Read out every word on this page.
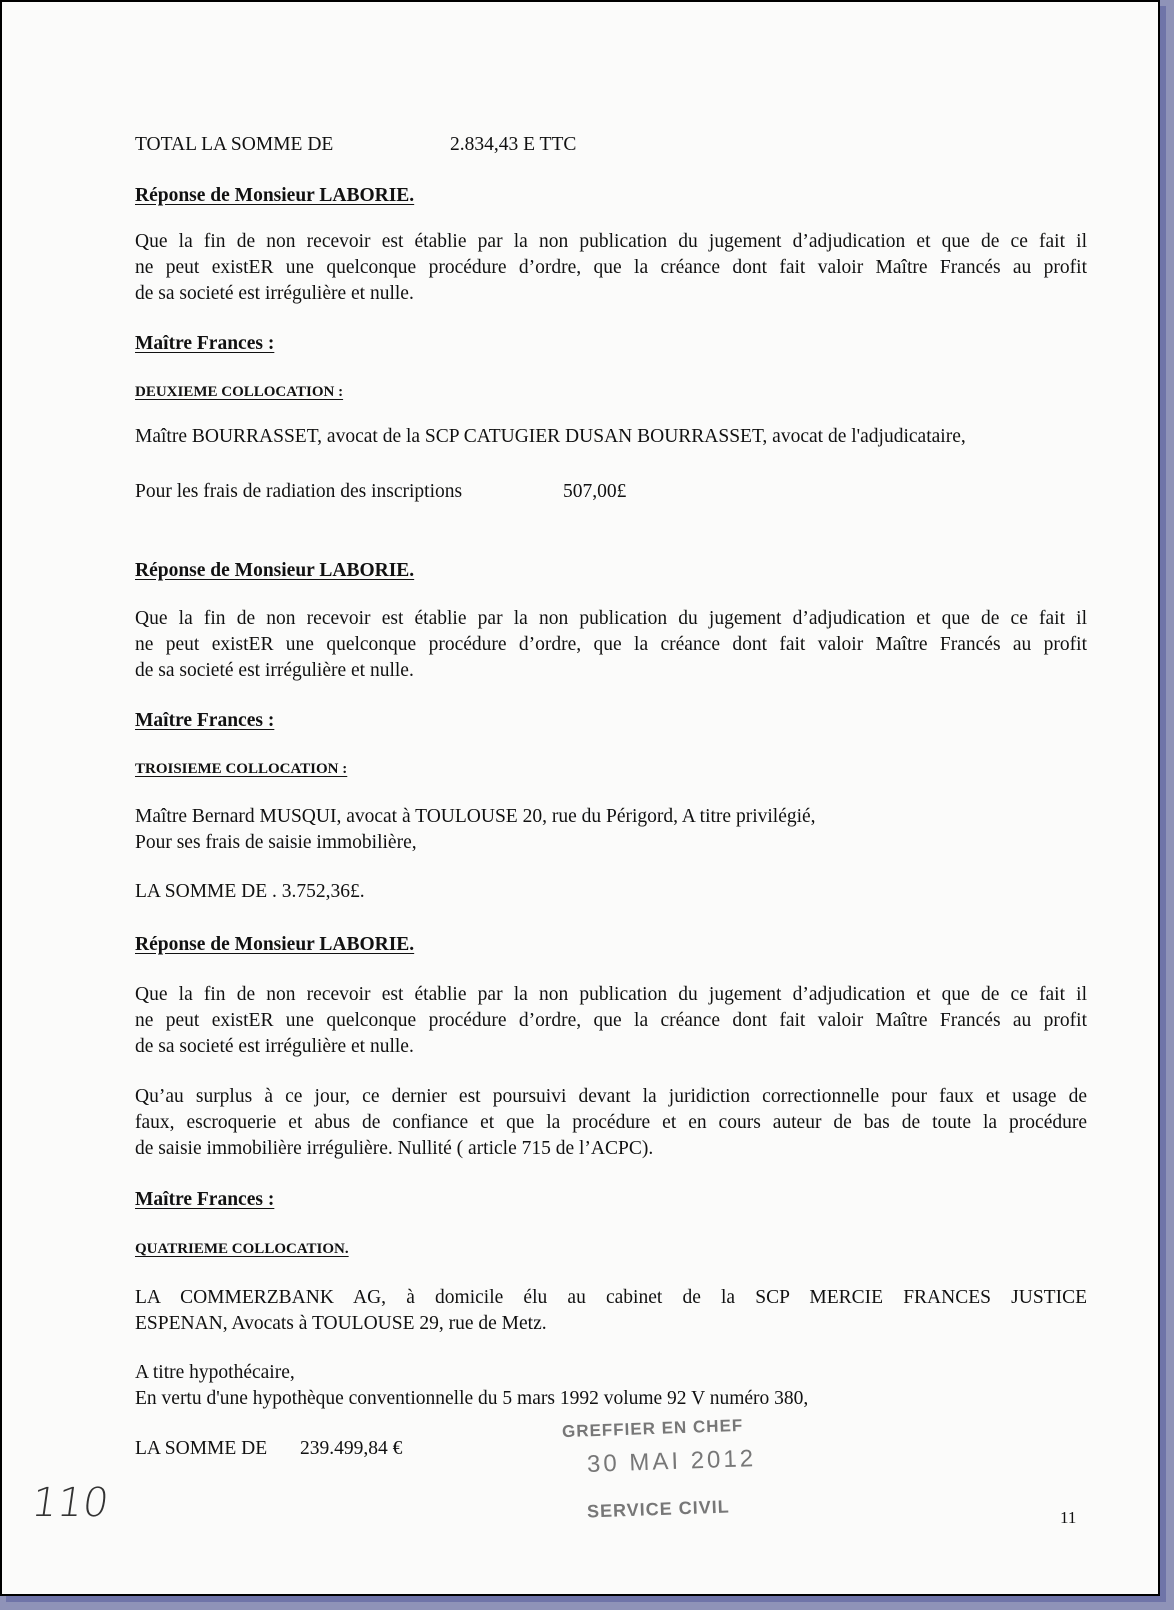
TOTAL LA SOMME DE	2.834,43 E TTC
Réponse de Monsieur LABORIE.
Que la fin de non recevoir est établie par la non publication du jugement d’adjudication et que de ce fait il
ne peut existER une quelconque procédure d’ordre, que la créance dont fait valoir Maître Francés au profit
de sa societé est irrégulière et nulle.
Maître Frances :
DEUXIEME COLLOCATION :
Maître BOURRASSET, avocat de la SCP CATUGIER DUSAN BOURRASSET, avocat de l'adjudicataire,
Pour les frais de radiation des inscriptions	507,00£
Réponse de Monsieur LABORIE.
Que la fin de non recevoir est établie par la non publication du jugement d’adjudication et que de ce fait il
ne peut existER une quelconque procédure d’ordre, que la créance dont fait valoir Maître Francés au profit
de sa societé est irrégulière et nulle.
Maître Frances :
TROISIEME COLLOCATION :
Maître Bernard MUSQUI, avocat à TOULOUSE 20, rue du Périgord, A titre privilégié,
Pour ses frais de saisie immobilière,
LA SOMME DE . 3.752,36£.
Réponse de Monsieur LABORIE.
Que la fin de non recevoir est établie par la non publication du jugement d’adjudication et que de ce fait il
ne peut existER une quelconque procédure d’ordre, que la créance dont fait valoir Maître Francés au profit
de sa societé est irrégulière et nulle.
Qu’au surplus à ce jour, ce dernier est poursuivi devant la juridiction correctionnelle pour faux et usage de
faux, escroquerie et abus de confiance et que la procédure et en cours auteur de bas de toute la procédure
de saisie immobilière irrégulière. Nullité ( article 715 de l’ACPC).
Maître Frances :
QUATRIEME COLLOCATION.
LA COMMERZBANK AG, à domicile élu au cabinet de la SCP MERCIE FRANCES JUSTICE
ESPENAN, Avocats à TOULOUSE 29, rue de Metz.
A titre hypothécaire,
En vertu d'une hypothèque conventionnelle du 5 mars 1992 volume 92 V numéro 380,
LA SOMME DE 239.499,84 €
GREFFIER EN CHEF
30 MAI 2012
SERVICE CIVIL
110	11
